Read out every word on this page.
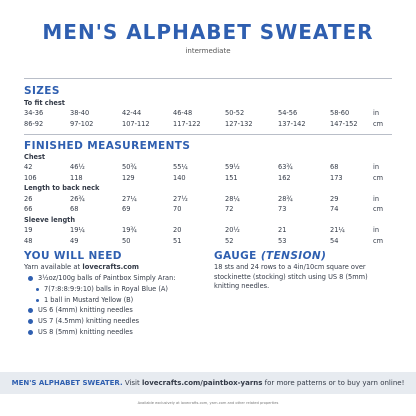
MEN'S ALPHABET SWEATER
intermediate
SIZES
To fit chest
34-36	38-40	42-44	46-48	50-52	54-56	58-60	in
86-92	97-102	107-112	117-122	127-132	137-142	147-152 cm
FINISHED MEASUREMENTS
Chest
42	46½	50¾	55¼	59½	63¾	68	in
106	118	129	140	151	162	173	cm
Length to back neck
26	26¾	27¼	27½	28¼	28¾	29	in
66	68	69	70	72	73	74	cm
Sleeve length
19	19¼	19¾	20	20½	21	21¼	in
48	49	50	51	52	53	54	cm
YOU WILL NEED
Yarn available at lovecrafts.com
3½oz/100g balls of Paintbox Simply Aran:
7(7:8:8:9:9:10) balls in Royal Blue (A)
1 ball in Mustard Yellow (B)
US 6 (4mm) knitting needles
US 7 (4.5mm) knitting needles
US 8 (5mm) knitting needles
GAUGE (TENSION)
18 sts and 24 rows to a 4in/10cm square over stockinette (stocking) stitch using US 8 (5mm) knitting needles.
MEN'S ALPHABET SWEATER. Visit lovecrafts.com/paintbox-yarns for more patterns or to buy yarn online!
Available exclusively at lovecrafts.com, yarn.com and other related properties
